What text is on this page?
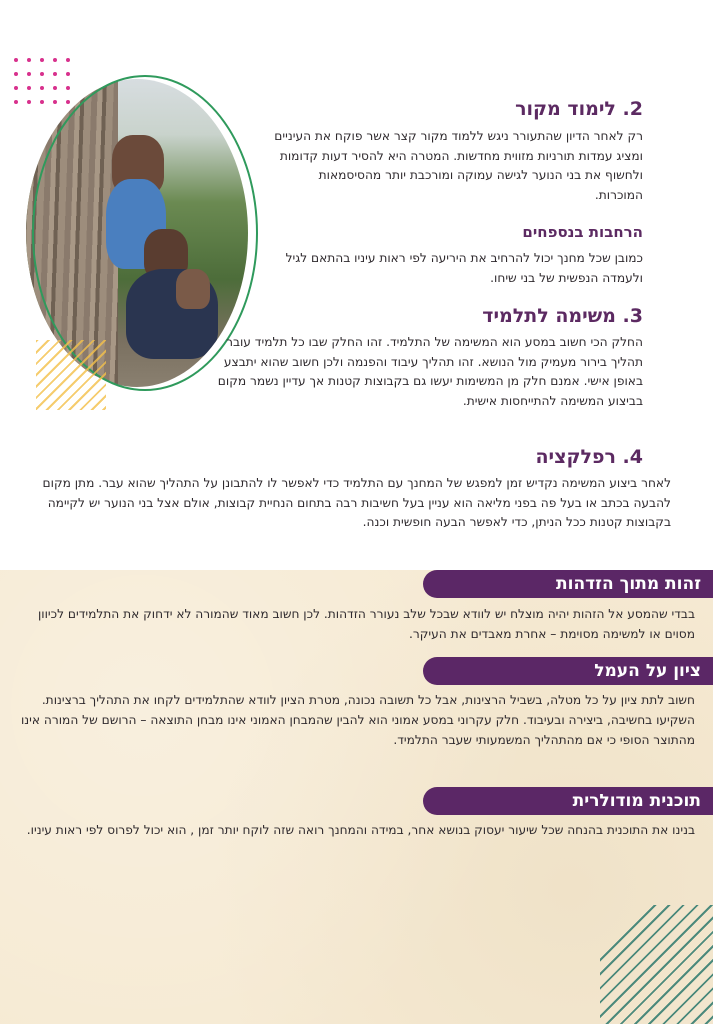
2. לימוד מקור
רק לאחר הדיון שהתעורר ניגש ללמוד מקור קצר אשר פוקח את העיניים ומציג עמדות תורניות מזווית מחדשות. המטרה היא להסיר דעות קדומות ולחשוף את בני הנוער לגישה עמוקה ומורכבת יותר מהסיסמאות המוכרות.
הרחבות בנספחים
כמובן שכל מחנך יכול להרחיב את היריעה לפי ראות עיניו בהתאם לגיל ולעמדה הנפשית של בני שיחו.
3. משימה לתלמיד
החלק הכי חשוב במסע הוא המשימה של התלמיד. זהו החלק שבו כל תלמיד עובר תהליך בירור מעמיק מול הנושא. זהו תהליך עיבוד והפנמה ולכן חשוב שהוא יתבצע באופן אישי. אמנם חלק מן המשימות יעשו גם בקבוצות קטנות אך עדיין נשמר מקום בביצוע המשימה להתייחסות אישית.
4. רפלקציה
לאחר ביצוע המשימה נקדיש זמן למפגש של המחנך עם התלמיד כדי לאפשר לו להתבונן על התהליך שהוא עבר. מתן מקום להבעה בכתב או בעל פה בפני מליאה הוא עניין בעל חשיבות רבה בתחום הנחיית קבוצות, אולם אצל בני הנוער יש לקיימה בקבוצות קטנות ככל הניתן, כדי לאפשר הבעה חופשית וכנה.
זהות מתוך הזדהות
בבדי שהמסע אל הזהות יהיה מוצלח יש לוודא שבכל שלב נעורר הזדהות. לכן חשוב מאוד שהמורה לא ידחוק את התלמידים לכיוון מסוים או למשימה מסוימת – אחרת מאבדים את העיקר.
ציון על העמל
חשוב לתת ציון על כל מטלה, בשביל הרצינות, אבל כל תשובה נכונה, מטרת הציון לוודא שהתלמידים לקחו את התהליך ברצינות. השקיעו בחשיבה, ביצירה ובעיבוד. חלק עקרוני במסע אמוני הוא להבין שהמבחן האמוני אינו מבחן התוצאה – הרושם של המורה אינו מהתוצר הסופי כי אם מהתהליך המשמעותי שעבר התלמיד.
תוכנית מודולרית
בנינו את התוכנית בהנחה שכל שיעור יעסוק בנושא אחר, במידה והמחנך רואה שזה לוקח יותר זמן , הוא יכול לפרוס לפי ראות עיניו.
